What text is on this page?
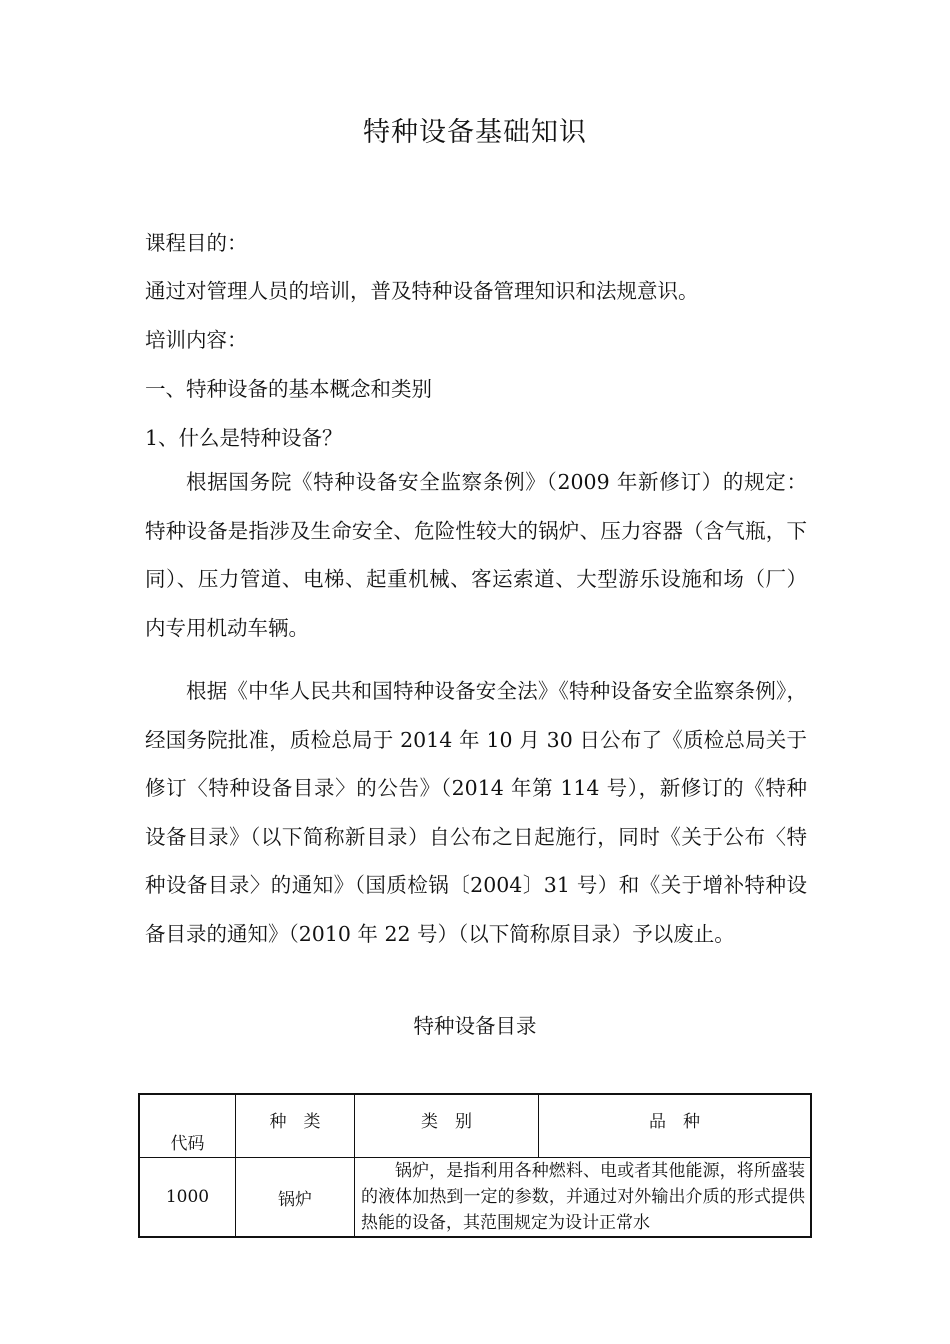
特种设备基础知识
课程目的：
通过对管理人员的培训，普及特种设备管理知识和法规意识。
培训内容：
一、特种设备的基本概念和类别
1、什么是特种设备？
根据国务院《特种设备安全监察条例》（2009 年新修订）的规定：特种设备是指涉及生命安全、危险性较大的锅炉、压力容器（含气瓶，下同）、压力管道、电梯、起重机械、客运索道、大型游乐设施和场（厂）内专用机动车辆。
根据《中华人民共和国特种设备安全法》《特种设备安全监察条例》，经国务院批准，质检总局于 2014 年 10 月 30 日公布了《质检总局关于修订〈特种设备目录〉的公告》（2014 年第 114 号），新修订的《特种设备目录》（以下简称新目录）自公布之日起施行，同时《关于公布〈特种设备目录〉的通知》（国质检锅〔2004〕31 号）和《关于增补特种设备目录的通知》（2010 年 22 号）（以下简称原目录）予以废止。
特种设备目录
代码	种　类	类　别	品　种
1000	锅炉	锅炉，是指利用各种燃料、电或者其他能源，将所盛装的液体加热到一定的参数，并通过对外输出介质的形式提供热能的设备，其范围规定为设计正常水	
